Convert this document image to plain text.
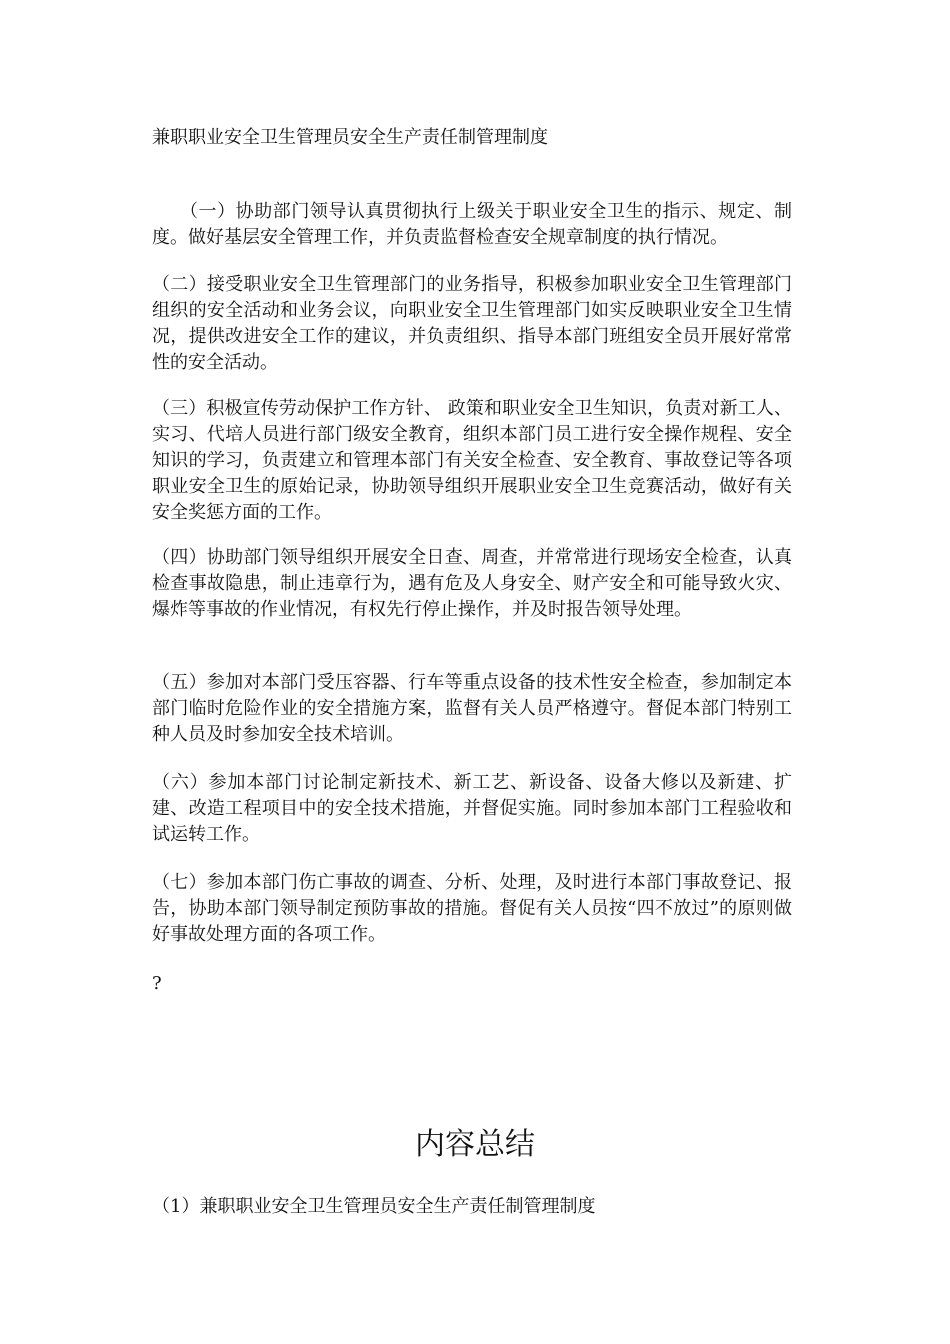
兼职职业安全卫生管理员安全生产责任制管理制度

（一）协助部门领导认真贯彻执行上级关于职业安全卫生的指示、规定、制度。做好基层安全管理工作，并负责监督检查安全规章制度的执行情况。

（二）接受职业安全卫生管理部门的业务指导，积极参加职业安全卫生管理部门组织的安全活动和业务会议，向职业安全卫生管理部门如实反映职业安全卫生情况，提供改进安全工作的建议，并负责组织、指导本部门班组安全员开展好常常性的安全活动。

（三）积极宣传劳动保护工作方针、 政策和职业安全卫生知识，负责对新工人、实习、代培人员进行部门级安全教育，组织本部门员工进行安全操作规程、安全知识的学习，负责建立和管理本部门有关安全检查、安全教育、事故登记等各项职业安全卫生的原始记录，协助领导组织开展职业安全卫生竞赛活动，做好有关安全奖惩方面的工作。

（四）协助部门领导组织开展安全日查、周查，并常常进行现场安全检查，认真检查事故隐患，制止违章行为，遇有危及人身安全、财产安全和可能导致火灾、爆炸等事故的作业情况，有权先行停止操作，并及时报告领导处理。

（五）参加对本部门受压容器、行车等重点设备的技术性安全检查，参加制定本部门临时危险作业的安全措施方案，监督有关人员严格遵守。督促本部门特别工种人员及时参加安全技术培训。

（六）参加本部门讨论制定新技术、新工艺、新设备、设备大修以及新建、扩建、改造工程项目中的安全技术措施，并督促实施。同时参加本部门工程验收和试运转工作。

（七）参加本部门伤亡事故的调查、分析、处理，及时进行本部门事故登记、报告，协助本部门领导制定预防事故的措施。督促有关人员按“四不放过”的原则做好事故处理方面的各项工作。

?

内容总结

（1）兼职职业安全卫生管理员安全生产责任制管理制度
